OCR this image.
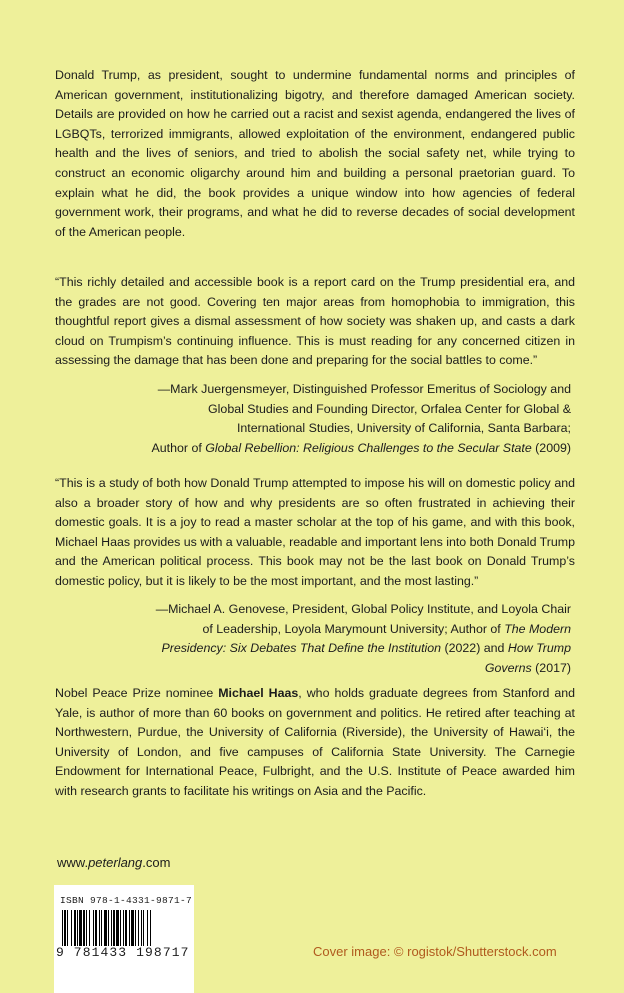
Donald Trump, as president, sought to undermine fundamental norms and principles of American government, institutionalizing bigotry, and therefore damaged American society. Details are provided on how he carried out a racist and sexist agenda, endangered the lives of LGBQTs, terrorized immigrants, allowed exploitation of the environment, endangered public health and the lives of seniors, and tried to abolish the social safety net, while trying to construct an economic oligarchy around him and building a personal praetorian guard. To explain what he did, the book provides a unique window into how agencies of federal government work, their programs, and what he did to reverse decades of social development of the American people.
“This richly detailed and accessible book is a report card on the Trump presidential era, and the grades are not good. Covering ten major areas from homophobia to immigration, this thoughtful report gives a dismal assessment of how society was shaken up, and casts a dark cloud on Trumpism’s continuing influence. This is must reading for any concerned citizen in assessing the damage that has been done and preparing for the social battles to come.”
—Mark Juergensmeyer, Distinguished Professor Emeritus of Sociology and Global Studies and Founding Director, Orfalea Center for Global & International Studies, University of California, Santa Barbara;
Author of Global Rebellion: Religious Challenges to the Secular State (2009)
“This is a study of both how Donald Trump attempted to impose his will on domestic policy and also a broader story of how and why presidents are so often frustrated in achieving their domestic goals. It is a joy to read a master scholar at the top of his game, and with this book, Michael Haas provides us with a valuable, readable and important lens into both Donald Trump and the American political process. This book may not be the last book on Donald Trump’s domestic policy, but it is likely to be the most important, and the most lasting.”
—Michael A. Genovese, President, Global Policy Institute, and Loyola Chair of Leadership, Loyola Marymount University; Author of The Modern Presidency: Six Debates That Define the Institution (2022) and How Trump Governs (2017)
Nobel Peace Prize nominee Michael Haas, who holds graduate degrees from Stanford and Yale, is author of more than 60 books on government and politics. He retired after teaching at Northwestern, Purdue, the University of California (Riverside), the University of Hawai‘i, the University of London, and five campuses of California State University. The Carnegie Endowment for International Peace, Fulbright, and the U.S. Institute of Peace awarded him with research grants to facilitate his writings on Asia and the Pacific.
www.peterlang.com
ISBN 978-1-4331-9871-7
9 781433 198717	Cover image: © rogistok/Shutterstock.com
